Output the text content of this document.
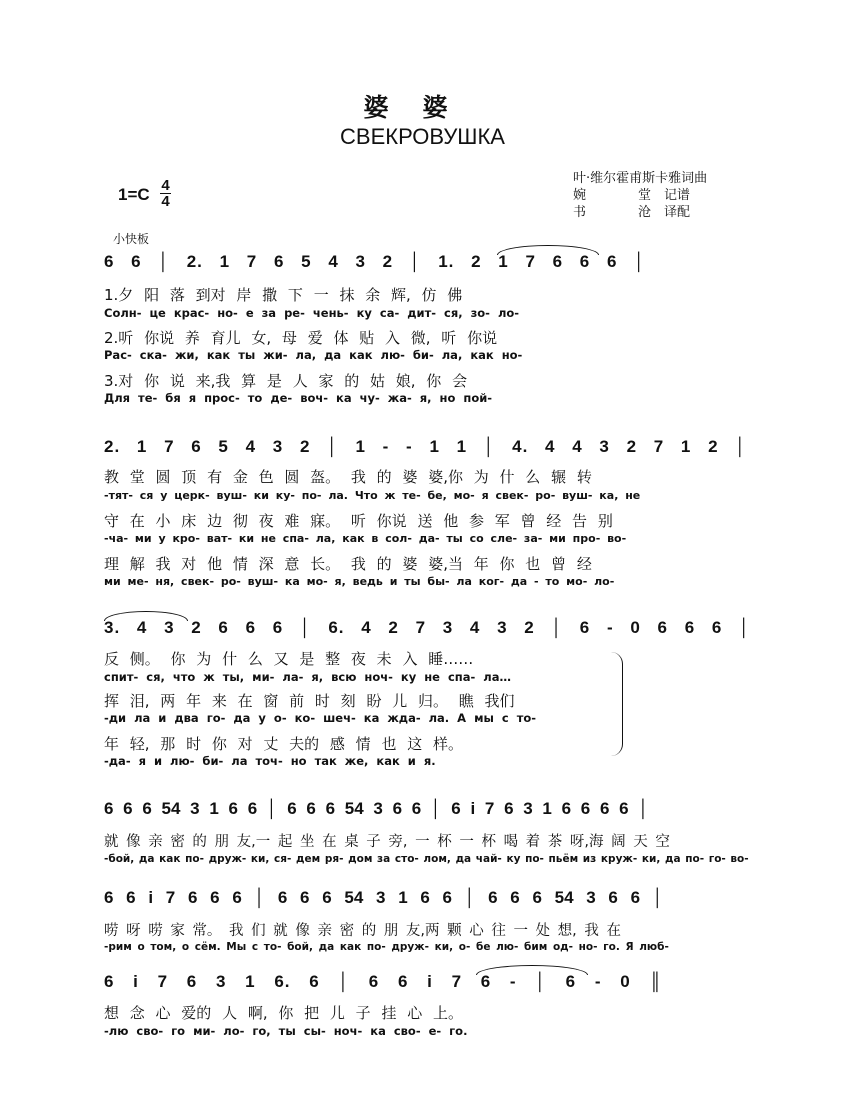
婆婆
СВЕКРОВУШКА
叶·维尔霍甫斯卡雅词曲
婉　　　　堂　记谱
书　　　　沧　译配
1=C 4
4
小快板
6 6 │ 2. 1 7 6 5 4 3 2 │ 1. 2 1 7 6 6 6 │
1.夕 阳 落 到对 岸 撒 下 一 抹 余 辉, 仿 佛
Солн- це крас- но- е за ре- чень- ку са- дит- ся, зо- ло-
2.听 你说 养 育儿 女, 母 爱 体 贴 入 微, 听 你说
Рас- ска- жи, как ты жи- ла, да как лю- би- ла, как но-
3.对 你 说 来,我 算 是 人 家 的 姑 娘, 你 会
Для те- бя я прос- то де- воч- ка чу- жа- я, но пой-
2. 1 7 6 5 4 3 2 │ 1 - - 1 1 │ 4. 4 4 3 2 7 1 2 │
教 堂 圆 顶 有 金 色 圆 盔。 我 的 婆 婆,你 为 什 么 辗 转
-тят- ся у церк- вуш- ки ку- по- ла. Что ж те- бе, мо- я свек- ро- вуш- ка, не
守 在 小 床 边 彻 夜 难 寐。 听 你说 送 他 参 军 曾 经 告 别
-ча- ми у кро- ват- ки не спа- ла, как в сол- да- ты со сле- за- ми про- во-
理 解 我 对 他 情 深 意 长。 我 的 婆 婆,当 年 你 也 曾 经
ми ме- ня, свек- ро- вуш- ка мо- я, ведь и ты бы- ла ког- да - то мо- ло-
3. 4 3 2 6 6 6 │ 6. 4 2 7 3 4 3 2 │ 6 - 0 6 6 6 │
反 侧。 你 为 什 么 又 是 整 夜 未 入 睡……
спит- ся, что ж ты, ми- ла- я, всю ноч- ку не спа- ла…
挥 泪, 两 年 来 在 窗 前 时 刻 盼 儿 归。 瞧 我们
-ди ла и два го- да у о- ко- шеч- ка жда- ла. А мы с то-
年 轻, 那 时 你 对 丈 夫的 感 情 也 这 样。
-да- я и лю- би- ла точ- но так же, как и я.
6 6 6 54 3 1 6 6 │ 6 6 6 54 3 6 6 │ 6 i 7 6 3 1 6 6 6 6 │
就 像 亲 密 的 朋 友,一 起 坐 在 桌 子 旁, 一 杯 一 杯 喝 着 茶 呀,海 阔 天 空
-бой, да как по- друж- ки, ся- дем ря- дом за сто- лом, да чай- ку по- пьём из круж- ки, да по- го- во-
6 6 i 7 6 6 6 │ 6 6 6 54 3 1 6 6 │ 6 6 6 54 3 6 6 │
唠 呀 唠 家 常。 我 们 就 像 亲 密 的 朋 友,两 颗 心 往 一 处 想, 我 在
-рим о том, о сём. Мы с то- бой, да как по- друж- ки, о- бе лю- бим од- но- го. Я люб-
6 i 7 6 3 1 6. 6 │ 6 6 i 7 6 - │ 6 - 0 ║
想 念 心 爱的 人 啊, 你 把 儿 子 挂 心 上。
-лю сво- го ми- ло- го, ты сы- ноч- ка сво- е- го.
